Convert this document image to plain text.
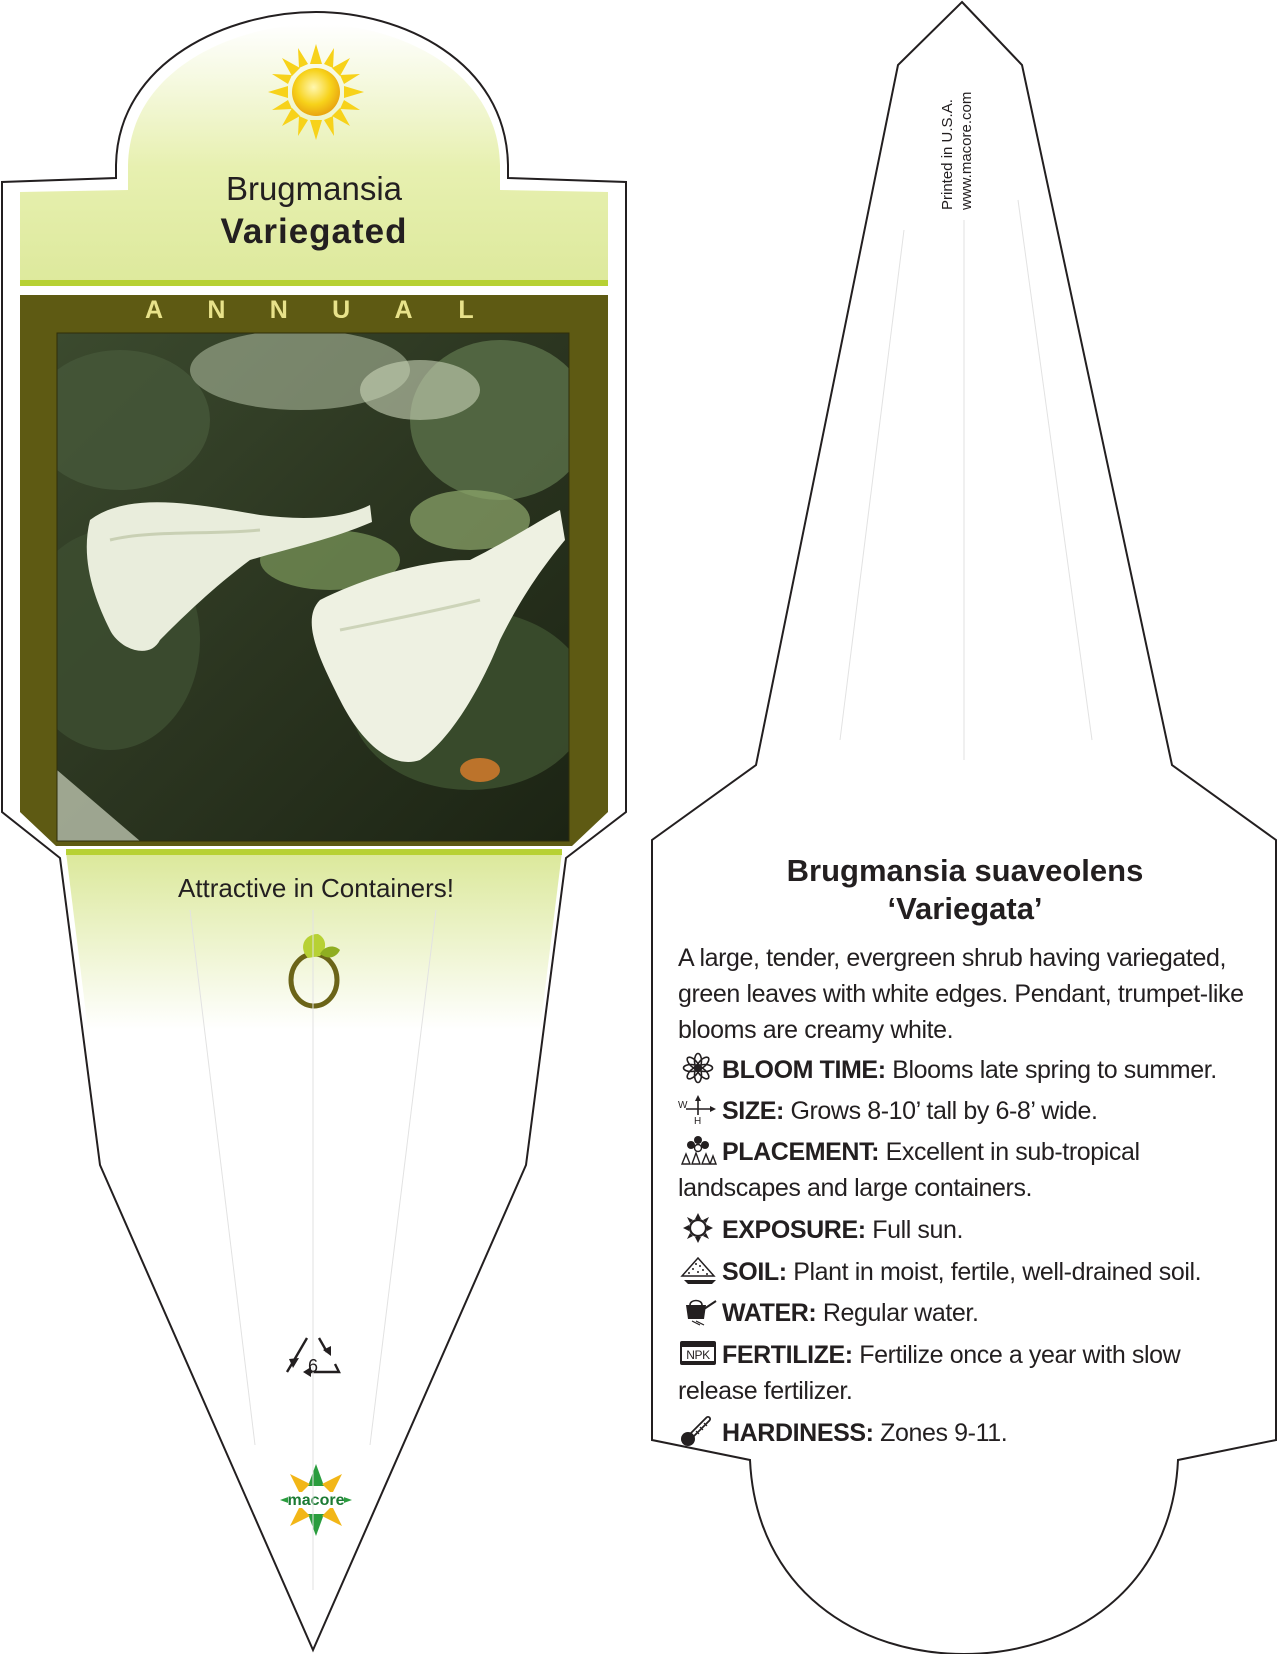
macore
Brugmansia
Variegated
A N N U A L
Attractive in Containers!
6
Printed in U.S.A. www.macore.com
Brugmansia suaveolens
‘Variegata’
A large, tender, evergreen shrub having variegated, green leaves with white edges. Pendant, trumpet-like blooms are creamy white.
BLOOM TIME: Blooms late spring to summer.
W
H SIZE: Grows 8-10’ tall by 6-8’ wide.
PLACEMENT: Excellent in sub-tropical landscapes and large containers.
EXPOSURE: Full sun.
SOIL: Plant in moist, fertile, well-drained soil.
WATER: Regular water.
NPK FERTILIZE: Fertilize once a year with slow release fertilizer.
HARDINESS: Zones 9-11.
